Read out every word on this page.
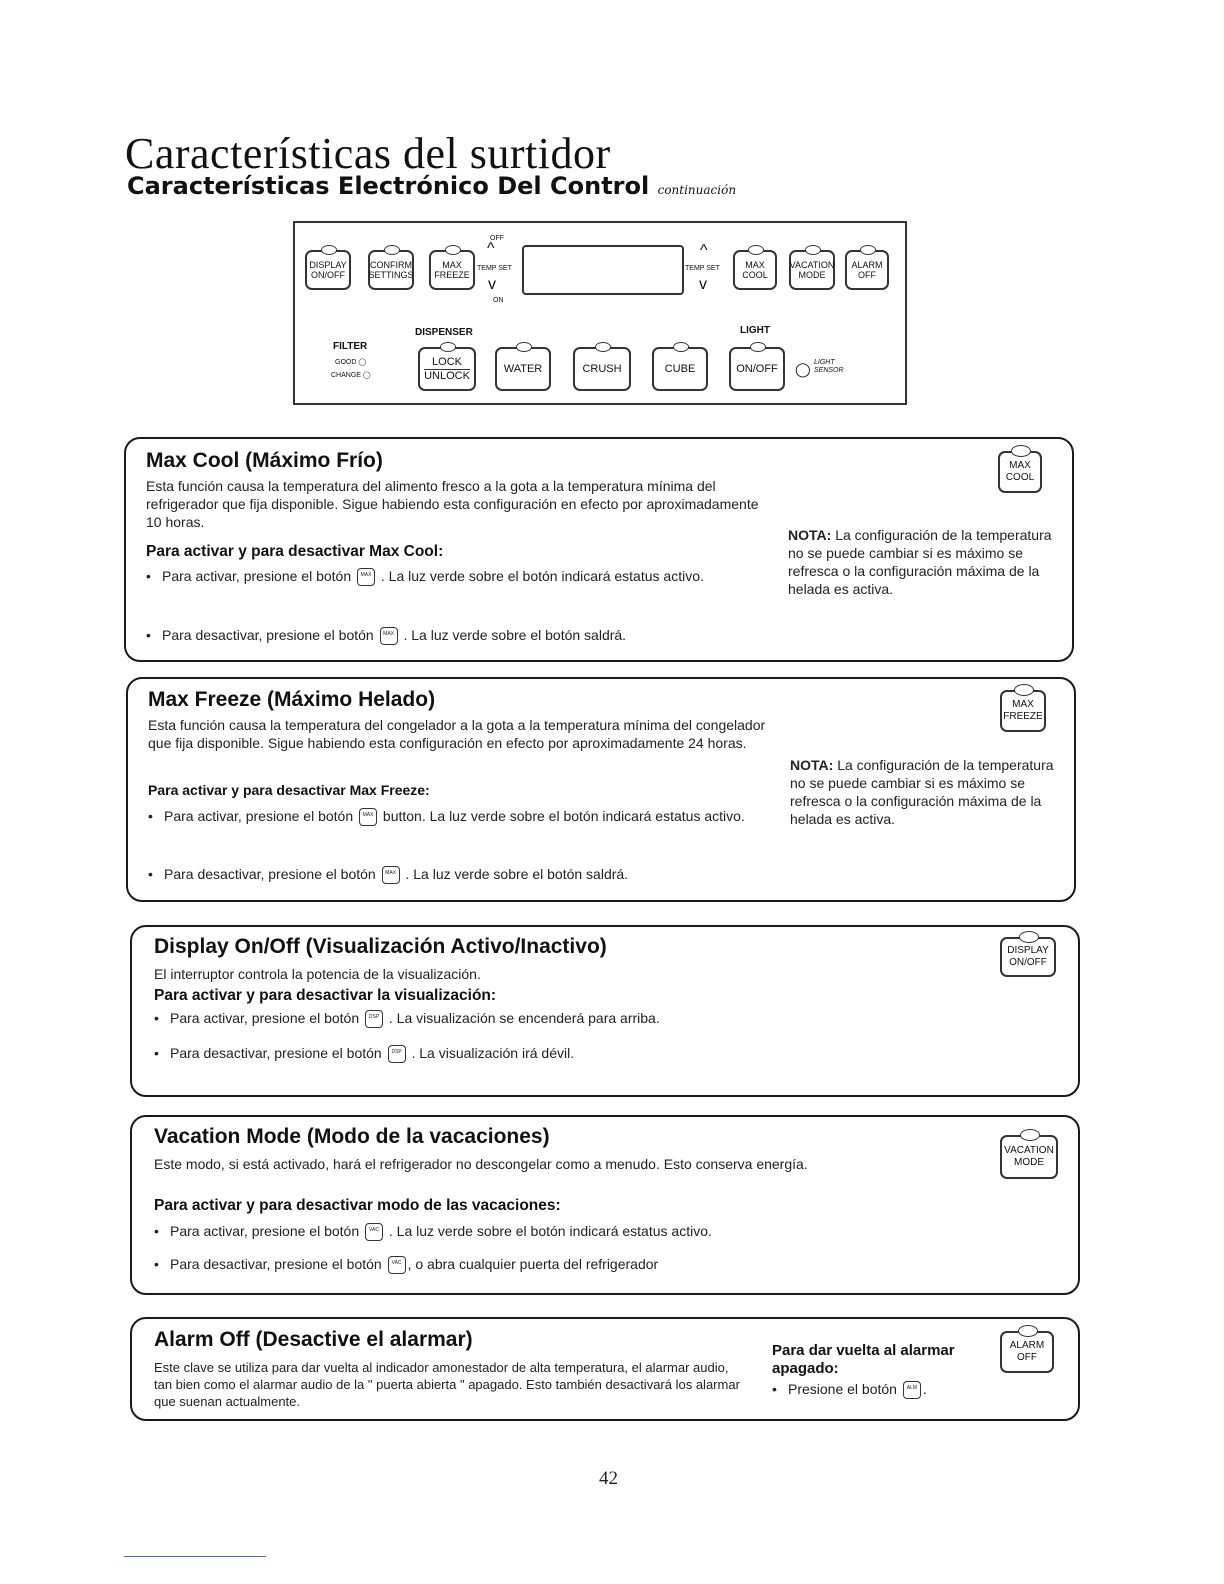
Características del surtidor
Características Electrónico Del Control continuación
DISPLAY ON/OFF
CONFIRM SETTINGS
MAX FREEZE
OFF
^
TEMP SET
v
ON
^
TEMP SET
v
MAX COOL
VACATION MODE
ALARM OFF
DISPENSER	LIGHT
FILTER
GOOD ◯
CHANGE ◯
LOCK
UNLOCK
WATER	CRUSH	CUBE	ON/OFF	◯ LIGHT SENSOR
Max Cool (Máximo Frío)
Esta función causa la temperatura del alimento fresco a la gota a la temperatura mínima del refrigerador que fija disponible. Sigue habiendo esta configuración en efecto por aproximadamente 10 horas.
Para activar y para desactivar Max Cool:
• Para activar, presione el botón MAX . La luz verde sobre el botón indicará estatus activo.
• Para desactivar, presione el botón MAX . La luz verde sobre el botón saldrá.
NOTA: La configuración de la temperatura no se puede cambiar si es máximo se refresca o la configuración máxima de la helada es activa.
MAX COOL
Max Freeze (Máximo Helado)
Esta función causa la temperatura del congelador a la gota a la temperatura mínima del congelador que fija disponible. Sigue habiendo esta configuración en efecto por aproximadamente 24 horas.
Para activar y para desactivar Max Freeze:
• Para activar, presione el botón MAX button. La luz verde sobre el botón indicará estatus activo.
• Para desactivar, presione el botón MAX . La luz verde sobre el botón saldrá.
NOTA: La configuración de la temperatura no se puede cambiar si es máximo se refresca o la configuración máxima de la helada es activa.
MAX FREEZE
Display On/Off (Visualización Activo/Inactivo)
El interruptor controla la potencia de la visualización.
Para activar y para desactivar la visualización:
• Para activar, presione el botón DSP . La visualización se encenderá para arriba.
• Para desactivar, presione el botón DSP . La visualización irá dévil.
DISPLAY ON/OFF
Vacation Mode (Modo de la vacaciones)
Este modo, si está activado, hará el refrigerador no descongelar como a menudo. Esto conserva energía.
Para activar y para desactivar modo de las vacaciones:
• Para activar, presione el botón VAC . La luz verde sobre el botón indicará estatus activo.
• Para desactivar, presione el botón VAC , o abra cualquier puerta del refrigerador
VACATION MODE
Alarm Off (Desactive el alarmar)
Este clave se utiliza para dar vuelta al indicador amonestador de alta temperatura, el alarmar audio, tan bien como el alarmar audio de la " puerta abierta " apagado. Esto también desactivará los alarmar que suenan actualmente.
Para dar vuelta al alarmar apagado:
• Presione el botón ALM .
ALARM OFF
42
